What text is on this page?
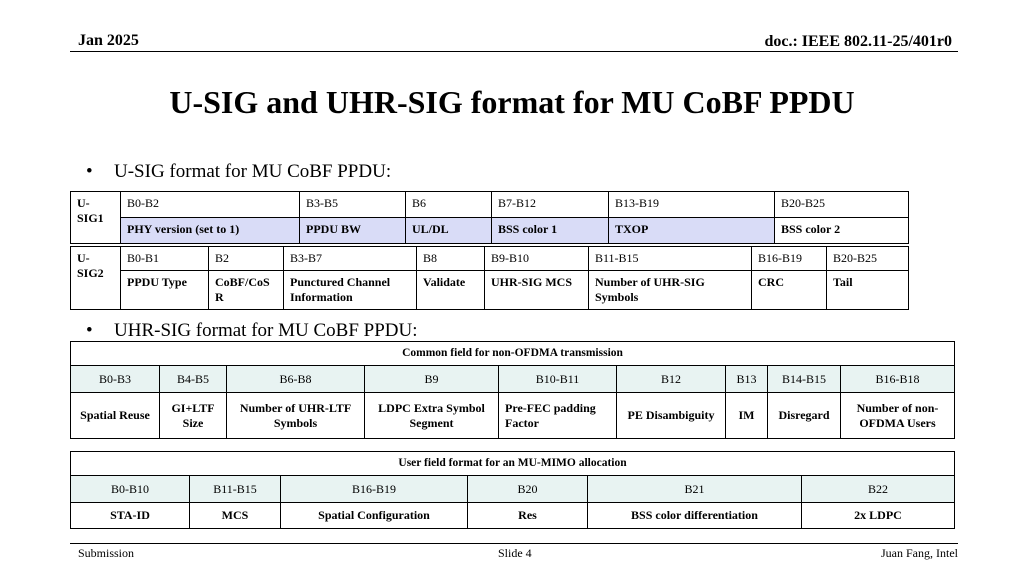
Jan 2025	doc.: IEEE 802.11-25/401r0
U-SIG and UHR-SIG format for MU CoBF PPDU
• U-SIG format for MU CoBF PPDU:
U-SIG1	B0-B2	B3-B5	B6	B7-B12	B13-B19	B20-B25
	PHY version (set to 1)	PPDU BW	UL/DL	BSS color 1	TXOP	BSS color 2
U-SIG2	B0-B1	B2	B3-B7	B8	B9-B10	B11-B15	B16-B19	B20-B25
	PPDU Type	CoBF/CoSR	Punctured Channel Information	Validate	UHR-SIG MCS	Number of UHR-SIG Symbols	CRC	Tail
• UHR-SIG format for MU CoBF PPDU:
Common field for non-OFDMA transmission								
B0-B3	B4-B5	B6-B8	B9	B10-B11	B12	B13	B14-B15	B16-B18
Spatial Reuse	GI+LTF Size	Number of UHR-LTF Symbols	LDPC Extra Symbol Segment	Pre-FEC padding Factor	PE Disambiguity	IM	Disregard	Number of non-OFDMA Users
User field format for an MU-MIMO allocation					
B0-B10	B11-B15	B16-B19	B20	B21	B22
STA-ID	MCS	Spatial Configuration	Res	BSS color differentiation	2x LDPC
Submission	Slide 4	Juan Fang, Intel
